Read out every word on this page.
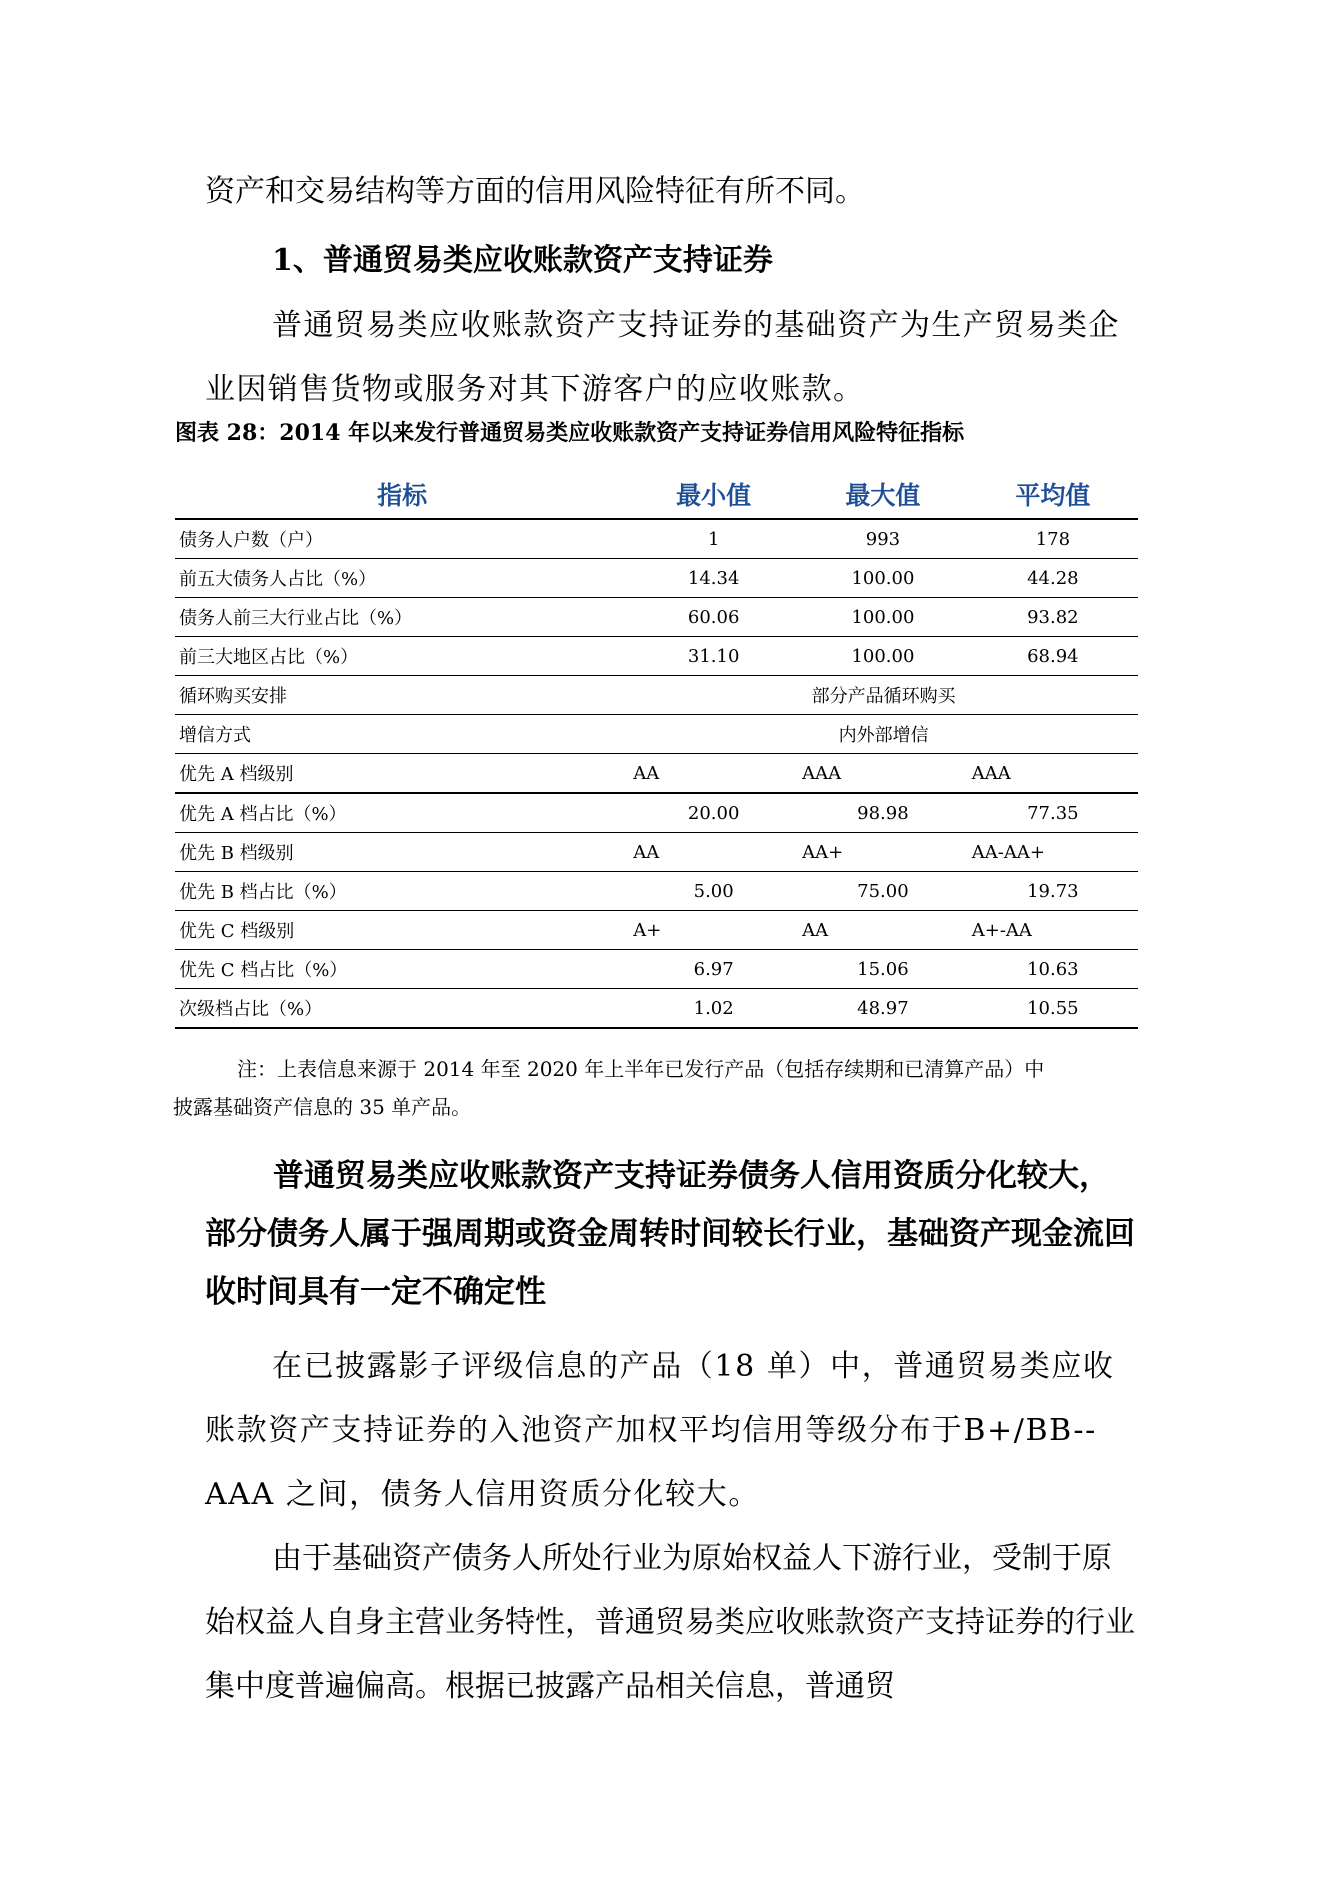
资产和交易结构等方面的信用风险特征有所不同。

1、普通贸易类应收账款资产支持证券

普通贸易类应收账款资产支持证券的基础资产为生产贸易类企业因销售货物或服务对其下游客户的应收账款。

图表 28：2014 年以来发行普通贸易类应收账款资产支持证券信用风险特征指标
指标	最小值	最大值	平均值
债务人户数（户）	1	993	178
前五大债务人占比（%）	14.34	100.00	44.28
债务人前三大行业占比（%）	60.06	100.00	93.82
前三大地区占比（%）	31.10	100.00	68.94
循环购买安排	部分产品循环购买		
增信方式	内外部增信		
优先 A 档级别	AA	AAA	AAA
优先 A 档占比（%）	20.00	98.98	77.35
优先 B 档级别	AA	AA+	AA-AA+
优先 B 档占比（%）	5.00	75.00	19.73
优先 C 档级别	A+	AA	A+-AA
优先 C 档占比（%）	6.97	15.06	10.63
次级档占比（%）	1.02	48.97	10.55

注：上表信息来源于 2014 年至 2020 年上半年已发行产品（包括存续期和已清算产品）中
披露基础资产信息的 35 单产品。

普通贸易类应收账款资产支持证券债务人信用资质分化较大，部分债务人属于强周期或资金周转时间较长行业，基础资产现金流回收时间具有一定不确定性

在已披露影子评级信息的产品（18 单）中，普通贸易类应收账款资产支持证券的入池资产加权平均信用等级分布于B+/BB--AAA 之间，债务人信用资质分化较大。

由于基础资产债务人所处行业为原始权益人下游行业，受制于原始权益人自身主营业务特性，普通贸易类应收账款资产支持证券的行业集中度普遍偏高。根据已披露产品相关信息，普通贸
